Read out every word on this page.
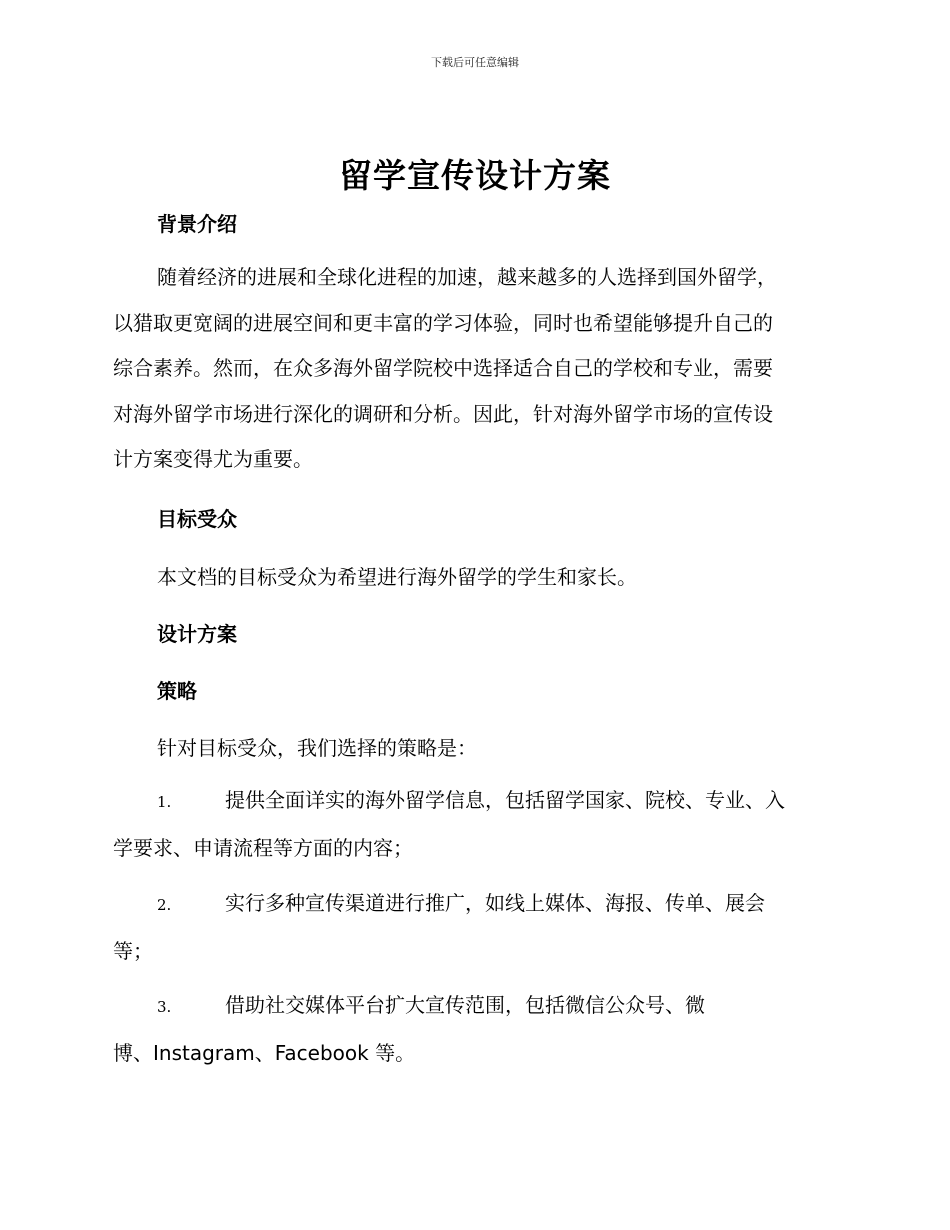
下载后可任意编辑
留学宣传设计方案
背景介绍
随着经济的进展和全球化进程的加速，越来越多的人选择到国外留学，
以猎取更宽阔的进展空间和更丰富的学习体验，同时也希望能够提升自己的
综合素养。然而，在众多海外留学院校中选择适合自己的学校和专业，需要
对海外留学市场进行深化的调研和分析。因此，针对海外留学市场的宣传设
计方案变得尤为重要。
目标受众
本文档的目标受众为希望进行海外留学的学生和家长。
设计方案
策略
针对目标受众，我们选择的策略是：
1.	提供全面详实的海外留学信息，包括留学国家、院校、专业、入
学要求、申请流程等方面的内容；
2.	实行多种宣传渠道进行推广，如线上媒体、海报、传单、展会
等；
3.	借助社交媒体平台扩大宣传范围，包括微信公众号、微
博、Instagram、Facebook 等。
